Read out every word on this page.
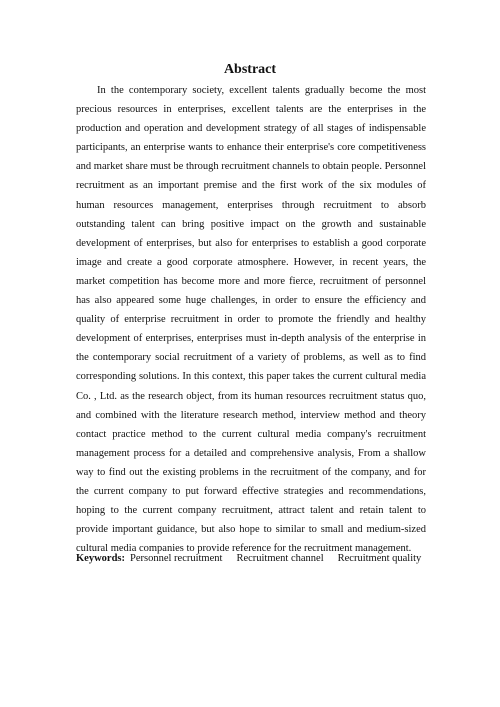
Abstract

In the contemporary society, excellent talents gradually become the most precious resources in enterprises, excellent talents are the enterprises in the production and operation and development strategy of all stages of indispensable participants, an enterprise wants to enhance their enterprise's core competitiveness and market share must be through recruitment channels to obtain people. Personnel recruitment as an important premise and the first work of the six modules of human resources management, enterprises through recruitment to absorb outstanding talent can bring positive impact on the growth and sustainable development of enterprises, but also for enterprises to establish a good corporate image and create a good corporate atmosphere. However, in recent years, the market competition has become more and more fierce, recruitment of personnel has also appeared some huge challenges, in order to ensure the efficiency and quality of enterprise recruitment in order to promote the friendly and healthy development of enterprises, enterprises must in-depth analysis of the enterprise in the contemporary social recruitment of a variety of problems, as well as to find corresponding solutions. In this context, this paper takes the current cultural media Co. , Ltd. as the research object, from its human resources recruitment status quo, and combined with the literature research method, interview method and theory contact practice method to the current cultural media company's recruitment management process for a detailed and comprehensive analysis, From a shallow way to find out the existing problems in the recruitment of the company, and for the current company to put forward effective strategies and recommendations, hoping to the current company recruitment, attract talent and retain talent to provide important guidance, but also hope to similar to small and medium-sized cultural media companies to provide reference for the recruitment management.

Keywords: Personnel recruitment Recruitment channel Recruitment quality
